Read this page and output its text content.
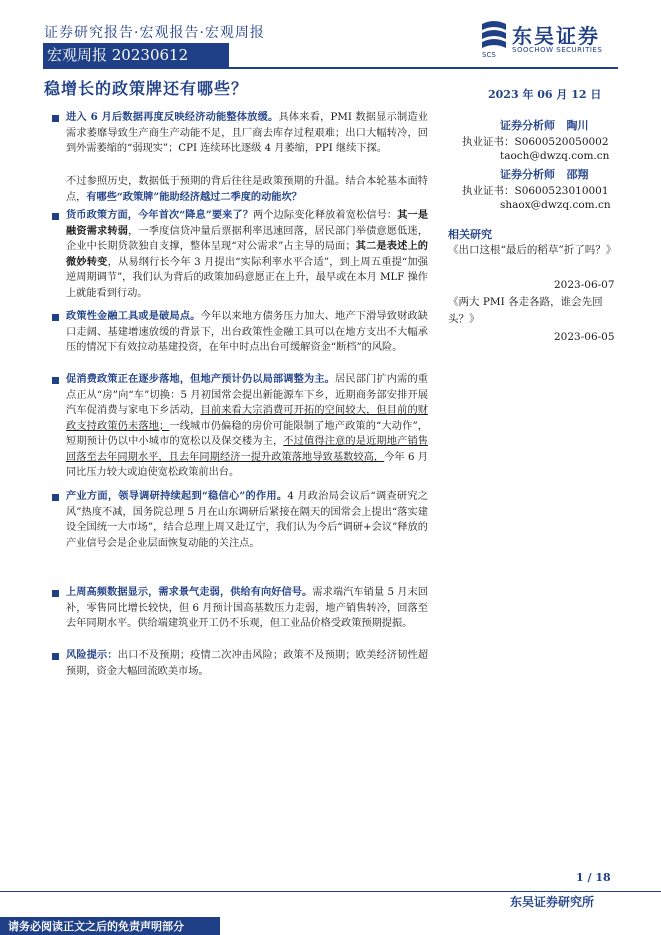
证券研究报告·宏观报告·宏观周报
SCS
东吴证券
SOOCHOW SECURITIES
宏观周报 20230612
稳增长的政策牌还有哪些？	2023 年 06 月 12 日
证券分析师 陶川
执业证书：S0600520050002
taoch@dwzq.com.cn
证券分析师 邵翔
执业证书：S0600523010001
shaox@dwzq.com.cn
相关研究
《出口这根“最后的稻草”折了吗？》
2023-06-07
《两大 PMI 各走各路，谁会先回头？》
2023-06-05
进入 6 月后数据再度反映经济动能整体放缓。具体来看，PMI 数据显示制造业需求萎靡导致生产商生产动能不足，且厂商去库存过程艰难；出口大幅转冷，回到外需萎缩的“弱现实”；CPI 连续环比逐级 4 月萎缩，PPI 继续下探。
不过参照历史，数据低于预期的背后往往是政策预期的升温。结合本轮基本面特点，有哪些“政策牌”能助经济越过二季度的动能坎？
货币政策方面，今年首次“降息”要来了？两个边际变化释放着宽松信号：其一是融资需求转弱，一季度信贷冲量后票据利率迅速回落，居民部门举债意愿低迷，企业中长期贷款独自支撑，整体呈现“对公需求”占主导的局面；其二是表述上的微妙转变，从易纲行长今年 3 月提出“实际利率水平合适”，到上周五重提“加强逆周期调节”，我们认为背后的政策加码意愿正在上升，最早或在本月 MLF 操作上就能看到行动。
政策性金融工具或是破局点。今年以来地方债务压力加大、地产下滑导致财政缺口走阔、基建增速放缓的背景下，出台政策性金融工具可以在地方支出不大幅承压的情况下有效拉动基建投资，在年中时点出台可缓解资金“断档”的风险。
促消费政策正在逐步落地，但地产预计仍以局部调整为主。居民部门扩内需的重点正从“房”向“车”切换：5 月初国常会提出新能源车下乡，近期商务部安排开展汽车促消费与家电下乡活动，目前来看大宗消费可开拓的空间较大，但目前的财政支持政策仍未落地；一线城市仍偏稳的房价可能限制了地产政策的“大动作”，短期预计仍以中小城市的宽松以及保交楼为主，不过值得注意的是近期地产销售回落至去年同期水平，且去年同期经济一提升政策落地导致基数较高，今年 6 月同比压力较大或迫使宽松政策前出台。
产业方面，领导调研持续起到“稳信心”的作用。4 月政治局会议后“调查研究之风”热度不减，国务院总理 5 月在山东调研后紧接在隔天的国常会上提出“落实建设全国统一大市场”，结合总理上周又赴辽宁，我们认为今后“调研+会议”释放的产业信号会是企业层面恢复动能的关注点。
上周高频数据显示，需求景气走弱，供给有向好信号。需求端汽车销量 5 月末回补，零售同比增长较快，但 6 月预计国高基数压力走弱，地产销售转冷，回落至去年同期水平。供给端建筑业开工仍不乐观，但工业品价格受政策预期提振。
风险提示：出口不及预期；疫情二次冲击风险；政策不及预期；欧美经济韧性超预期，资金大幅回流欧美市场。
1 / 18
东吴证券研究所
请务必阅读正文之后的免责声明部分
